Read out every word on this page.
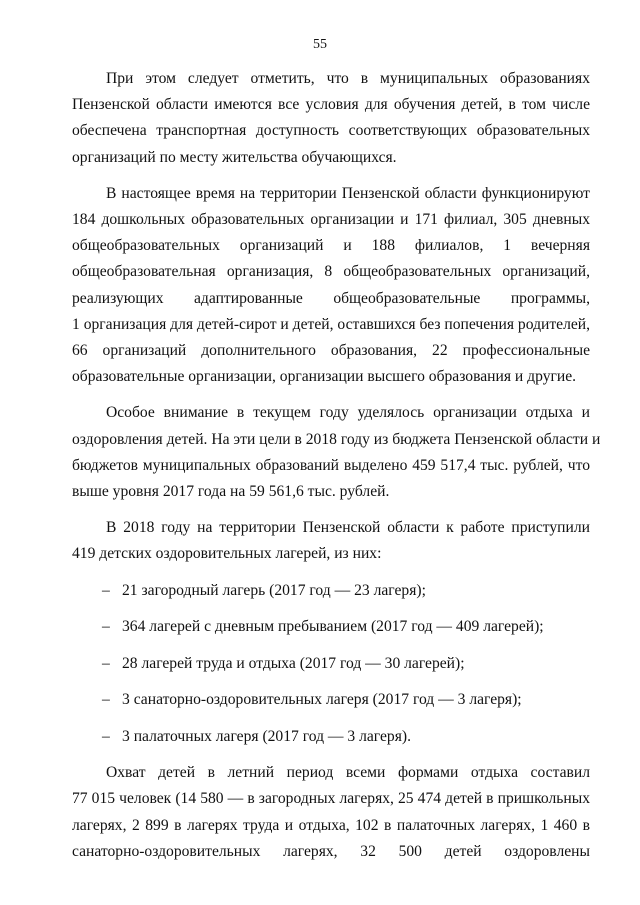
55

При этом следует отметить, что в муниципальных образованиях
Пензенской области имеются все условия для обучения детей, в том числе
обеспечена транспортная доступность соответствующих образовательных
организаций по месту жительства обучающихся.

В настоящее время на территории Пензенской области функционируют
184 дошкольных образовательных организации и 171 филиал, 305 дневных
общеобразовательных организаций и 188 филиалов, 1 вечерняя
общеобразовательная организация, 8 общеобразовательных организаций,
реализующих адаптированные общеобразовательные программы,
1 организация для детей-сирот и детей, оставшихся без попечения родителей,
66 организаций дополнительного образования, 22 профессиональные
образовательные организации, организации высшего образования и другие.

Особое внимание в текущем году уделялось организации отдыха и
оздоровления детей. На эти цели в 2018 году из бюджета Пензенской области и
бюджетов муниципальных образований выделено 459 517,4 тыс. рублей, что
выше уровня 2017 года на 59 561,6 тыс. рублей.

В 2018 году на территории Пензенской области к работе приступили
419 детских оздоровительных лагерей, из них:

– 21 загородный лагерь (2017 год — 23 лагеря);
– 364 лагерей с дневным пребыванием (2017 год — 409 лагерей);
– 28 лагерей труда и отдыха (2017 год — 30 лагерей);
– 3 санаторно-оздоровительных лагеря (2017 год — 3 лагеря);
– 3 палаточных лагеря (2017 год — 3 лагеря).

Охват детей в летний период всеми формами отдыха составил
77 015 человек (14 580 — в загородных лагерях, 25 474 детей в пришкольных
лагерях, 2 899 в лагерях труда и отдыха, 102 в палаточных лагерях, 1 460 в
санаторно-оздоровительных лагерях, 32 500 детей оздоровлены
